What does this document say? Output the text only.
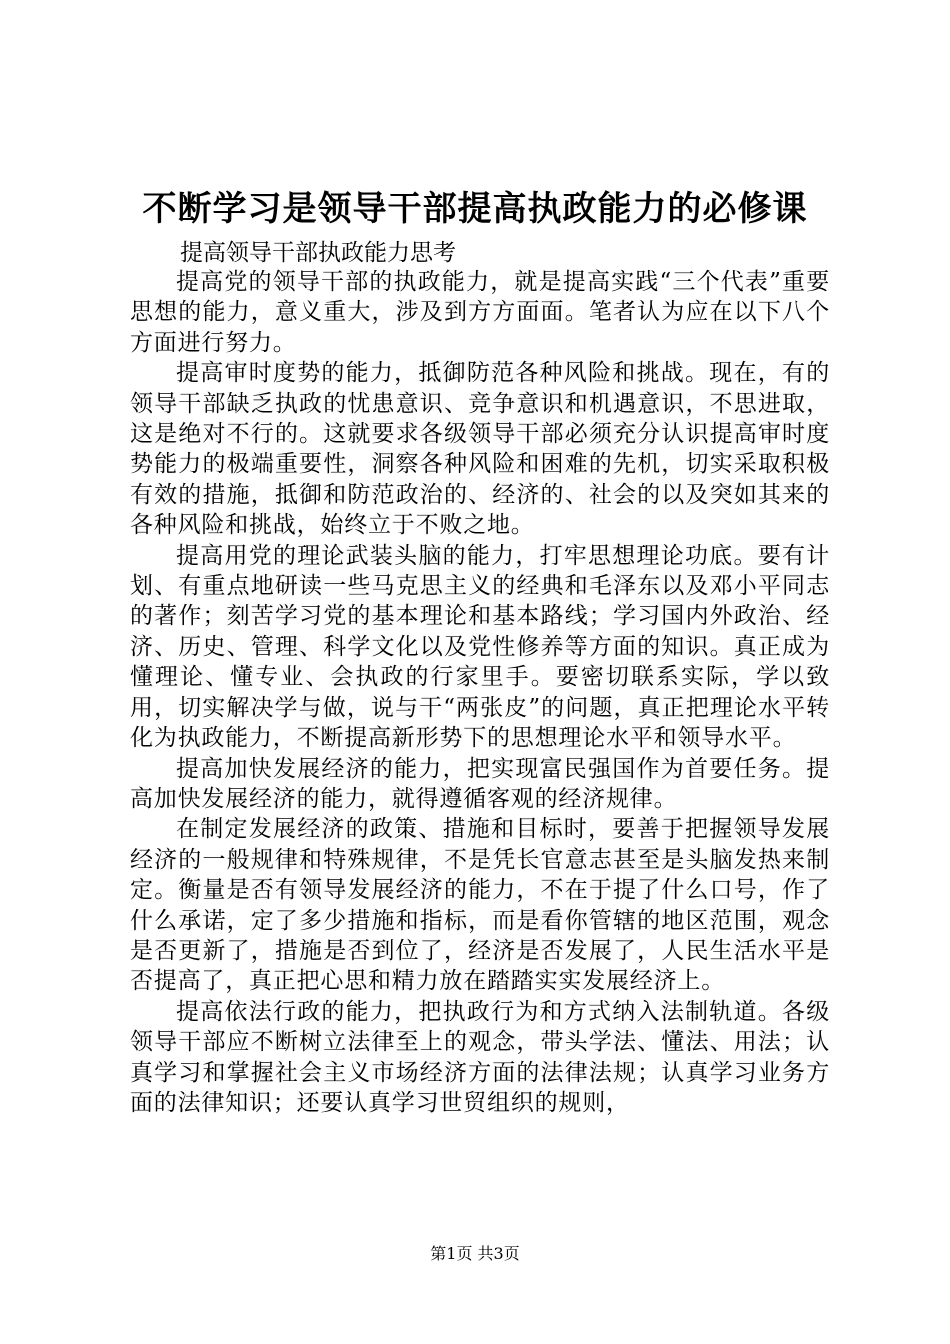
不断学习是领导干部提高执政能力的必修课
提高领导干部执政能力思考

提高党的领导干部的执政能力，就是提高实践“三个代表”重要思想的能力，意义重大，涉及到方方面面。笔者认为应在以下八个方面进行努力。

提高审时度势的能力，抵御防范各种风险和挑战。现在，有的领导干部缺乏执政的忧患意识、竞争意识和机遇意识，不思进取，这是绝对不行的。这就要求各级领导干部必须充分认识提高审时度势能力的极端重要性，洞察各种风险和困难的先机，切实采取积极有效的措施，抵御和防范政治的、经济的、社会的以及突如其来的各种风险和挑战，始终立于不败之地。

提高用党的理论武装头脑的能力，打牢思想理论功底。要有计划、有重点地研读一些马克思主义的经典和毛泽东以及邓小平同志的著作；刻苦学习党的基本理论和基本路线；学习国内外政治、经济、历史、管理、科学文化以及党性修养等方面的知识。真正成为懂理论、懂专业、会执政的行家里手。要密切联系实际，学以致用，切实解决学与做，说与干“两张皮”的问题，真正把理论水平转化为执政能力，不断提高新形势下的思想理论水平和领导水平。

提高加快发展经济的能力，把实现富民强国作为首要任务。提高加快发展经济的能力，就得遵循客观的经济规律。

在制定发展经济的政策、措施和目标时，要善于把握领导发展经济的一般规律和特殊规律，不是凭长官意志甚至是头脑发热来制定。衡量是否有领导发展经济的能力，不在于提了什么口号，作了什么承诺，定了多少措施和指标，而是看你管辖的地区范围，观念是否更新了，措施是否到位了，经济是否发展了，人民生活水平是否提高了，真正把心思和精力放在踏踏实实发展经济上。

提高依法行政的能力，把执政行为和方式纳入法制轨道。各级领导干部应不断树立法律至上的观念，带头学法、懂法、用法；认真学习和掌握社会主义市场经济方面的法律法规；认真学习业务方面的法律知识；还要认真学习世贸组织的规则，

第1页 共3页
